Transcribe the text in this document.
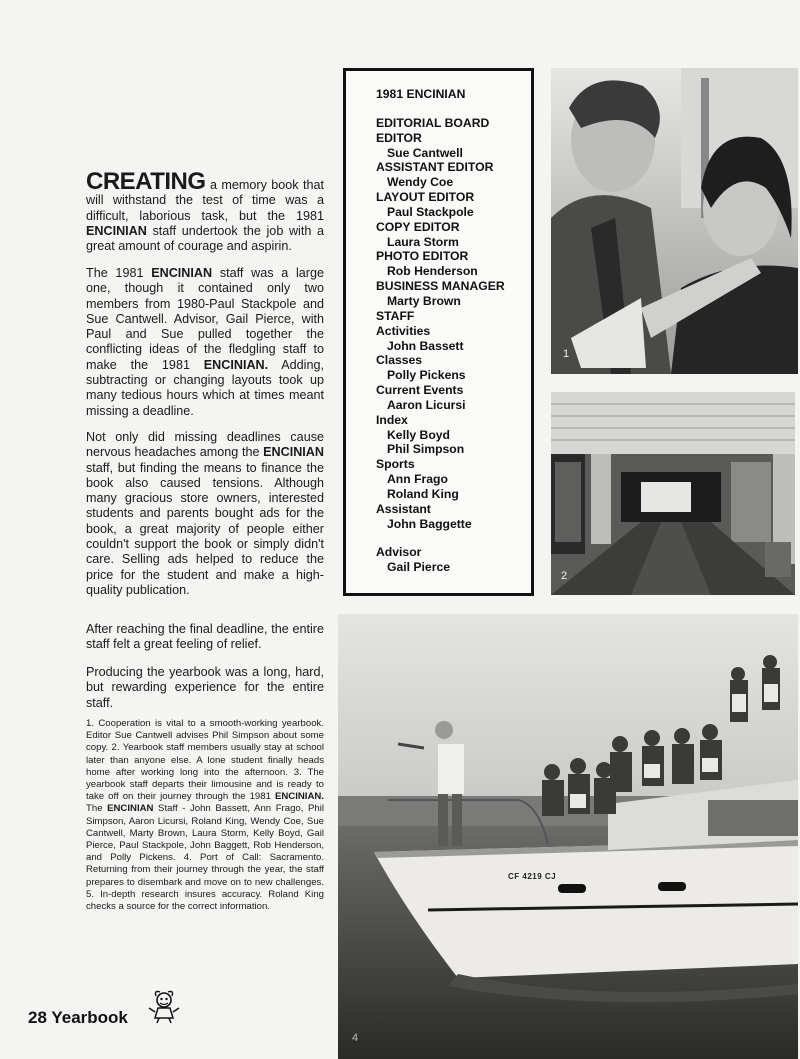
CREATING a memory book that will withstand the test of time was a difficult, laborious task, but the 1981 ENCINIAN staff undertook the job with a great amount of courage and aspirin.
The 1981 ENCINIAN staff was a large one, though it contained only two members from 1980-Paul Stackpole and Sue Cantwell. Advisor, Gail Pierce, with Paul and Sue pulled together the conflicting ideas of the fledgling staff to make the 1981 ENCINIAN. Adding, subtracting or changing layouts took up many tedious hours which at times meant missing a deadline.
Not only did missing deadlines cause nervous headaches among the ENCINIAN staff, but finding the means to finance the book also caused tensions. Although many gracious store owners, interested students and parents bought ads for the book, a great majority of people either couldn't support the book or simply didn't care. Selling ads helped to reduce the price for the student and make a high-quality publication.
After reaching the final deadline, the entire staff felt a great feeling of relief.
Producing the yearbook was a long, hard, but rewarding experience for the entire staff.
1. Cooperation is vital to a smooth-working yearbook. Editor Sue Cantwell advises Phil Simpson about some copy. 2. Yearbook staff members usually stay at school later than anyone else. A lone student finally heads home after working long into the afternoon. 3. The yearbook staff departs their limousine and is ready to take off on their journey through the 1981 ENCINIAN. The ENCINIAN Staff - John Bassett, Ann Frago, Phil Simpson, Aaron Licursi, Roland King, Wendy Coe, Sue Cantwell, Marty Brown, Laura Storm, Kelly Boyd, Gail Pierce, Paul Stackpole, John Baggett, Rob Henderson, and Polly Pickens. 4. Port of Call: Sacramento. Returning from their journey through the year, the staff prepares to disembark and move on to new challenges. 5. In-depth research insures accuracy. Roland King checks a source for the correct information.
1981 ENCINIAN
EDITORIAL BOARD
EDITOR
Sue Cantwell
ASSISTANT EDITOR
Wendy Coe
LAYOUT EDITOR
Paul Stackpole
COPY EDITOR
Laura Storm
PHOTO EDITOR
Rob Henderson
BUSINESS MANAGER
Marty Brown
STAFF
Activities
John Bassett
Classes
Polly Pickens
Current Events
Aaron Licursi
Index
Kelly Boyd
Phil Simpson
Sports
Ann Frago
Roland King
Assistant
John Baggette
Advisor
Gail Pierce
1
2
CF 4219 CJ
4
28 Yearbook
